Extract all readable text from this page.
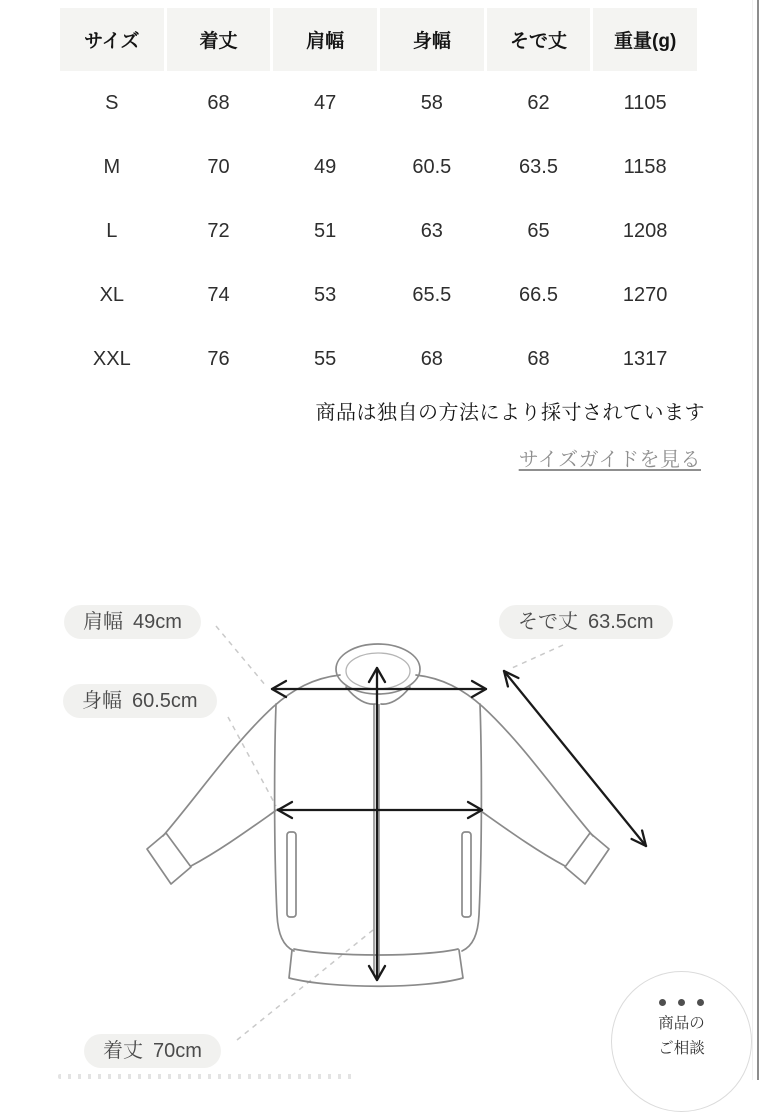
サイズ	着丈	肩幅	身幅	そで丈	重量(g)
S	68	47	58	62	1105
M	70	49	60.5	63.5	1158
L	72	51	63	65	1208
XL	74	53	65.5	66.5	1270
XXL	76	55	68	68	1317
商品は独自の方法により採寸されています
サイズガイドを見る
肩幅 49cm
身幅 60.5cm
そで丈 63.5cm
着丈 70cm
商品の
ご相談
